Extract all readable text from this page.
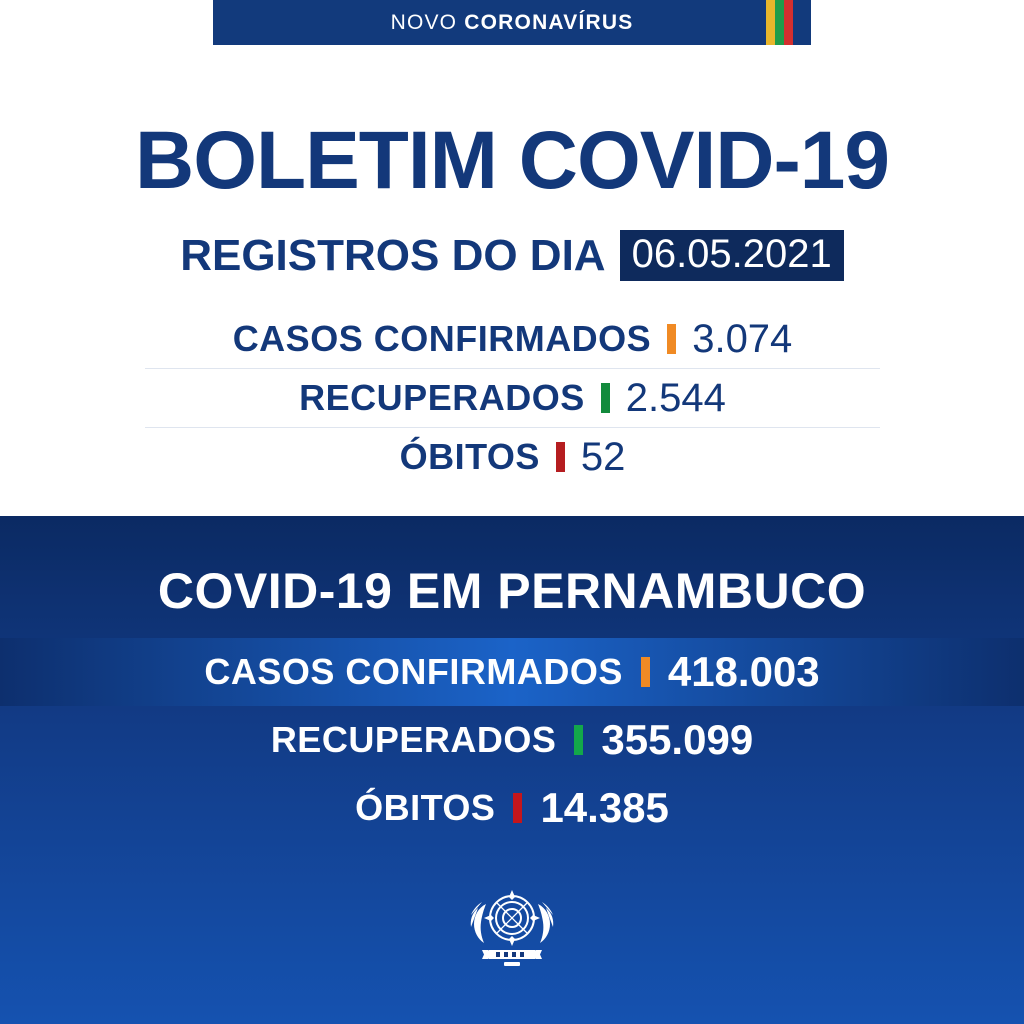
NOVO CORONAVÍRUS
BOLETIM COVID-19
REGISTROS DO DIA 06.05.2021
CASOS CONFIRMADOS 3.074
RECUPERADOS 2.544
ÓBITOS 52
COVID-19 EM PERNAMBUCO
CASOS CONFIRMADOS 418.003
RECUPERADOS 355.099
ÓBITOS 14.385
